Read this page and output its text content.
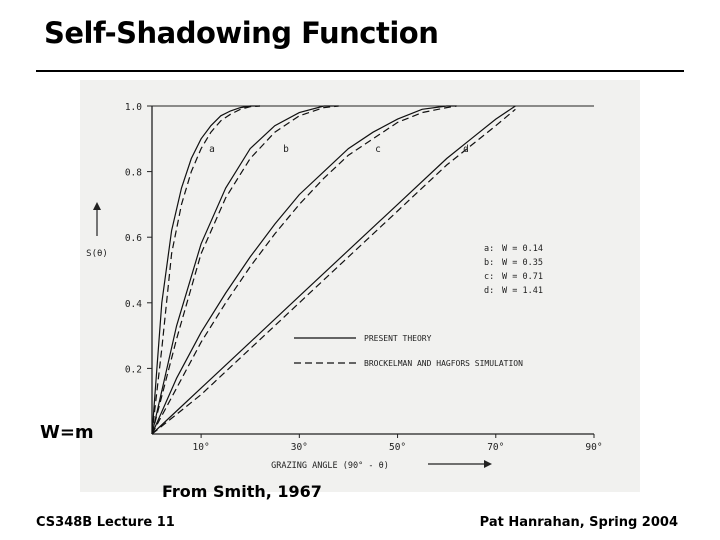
Self-Shadowing Function
0.2
0.4
0.6
0.8
1.0
10°	30°	50°	70°	90°
GRAZING ANGLE (90° - θ)
S(θ)
a	b	c	d
a: W = 0.14
b: W = 0.35
c: W = 0.71
d: W = 1.41
PRESENT THEORY
BROCKELMAN AND HAGFORS SIMULATION
W=m
From Smith, 1967
CS348B Lecture 11	Pat Hanrahan, Spring 2004
